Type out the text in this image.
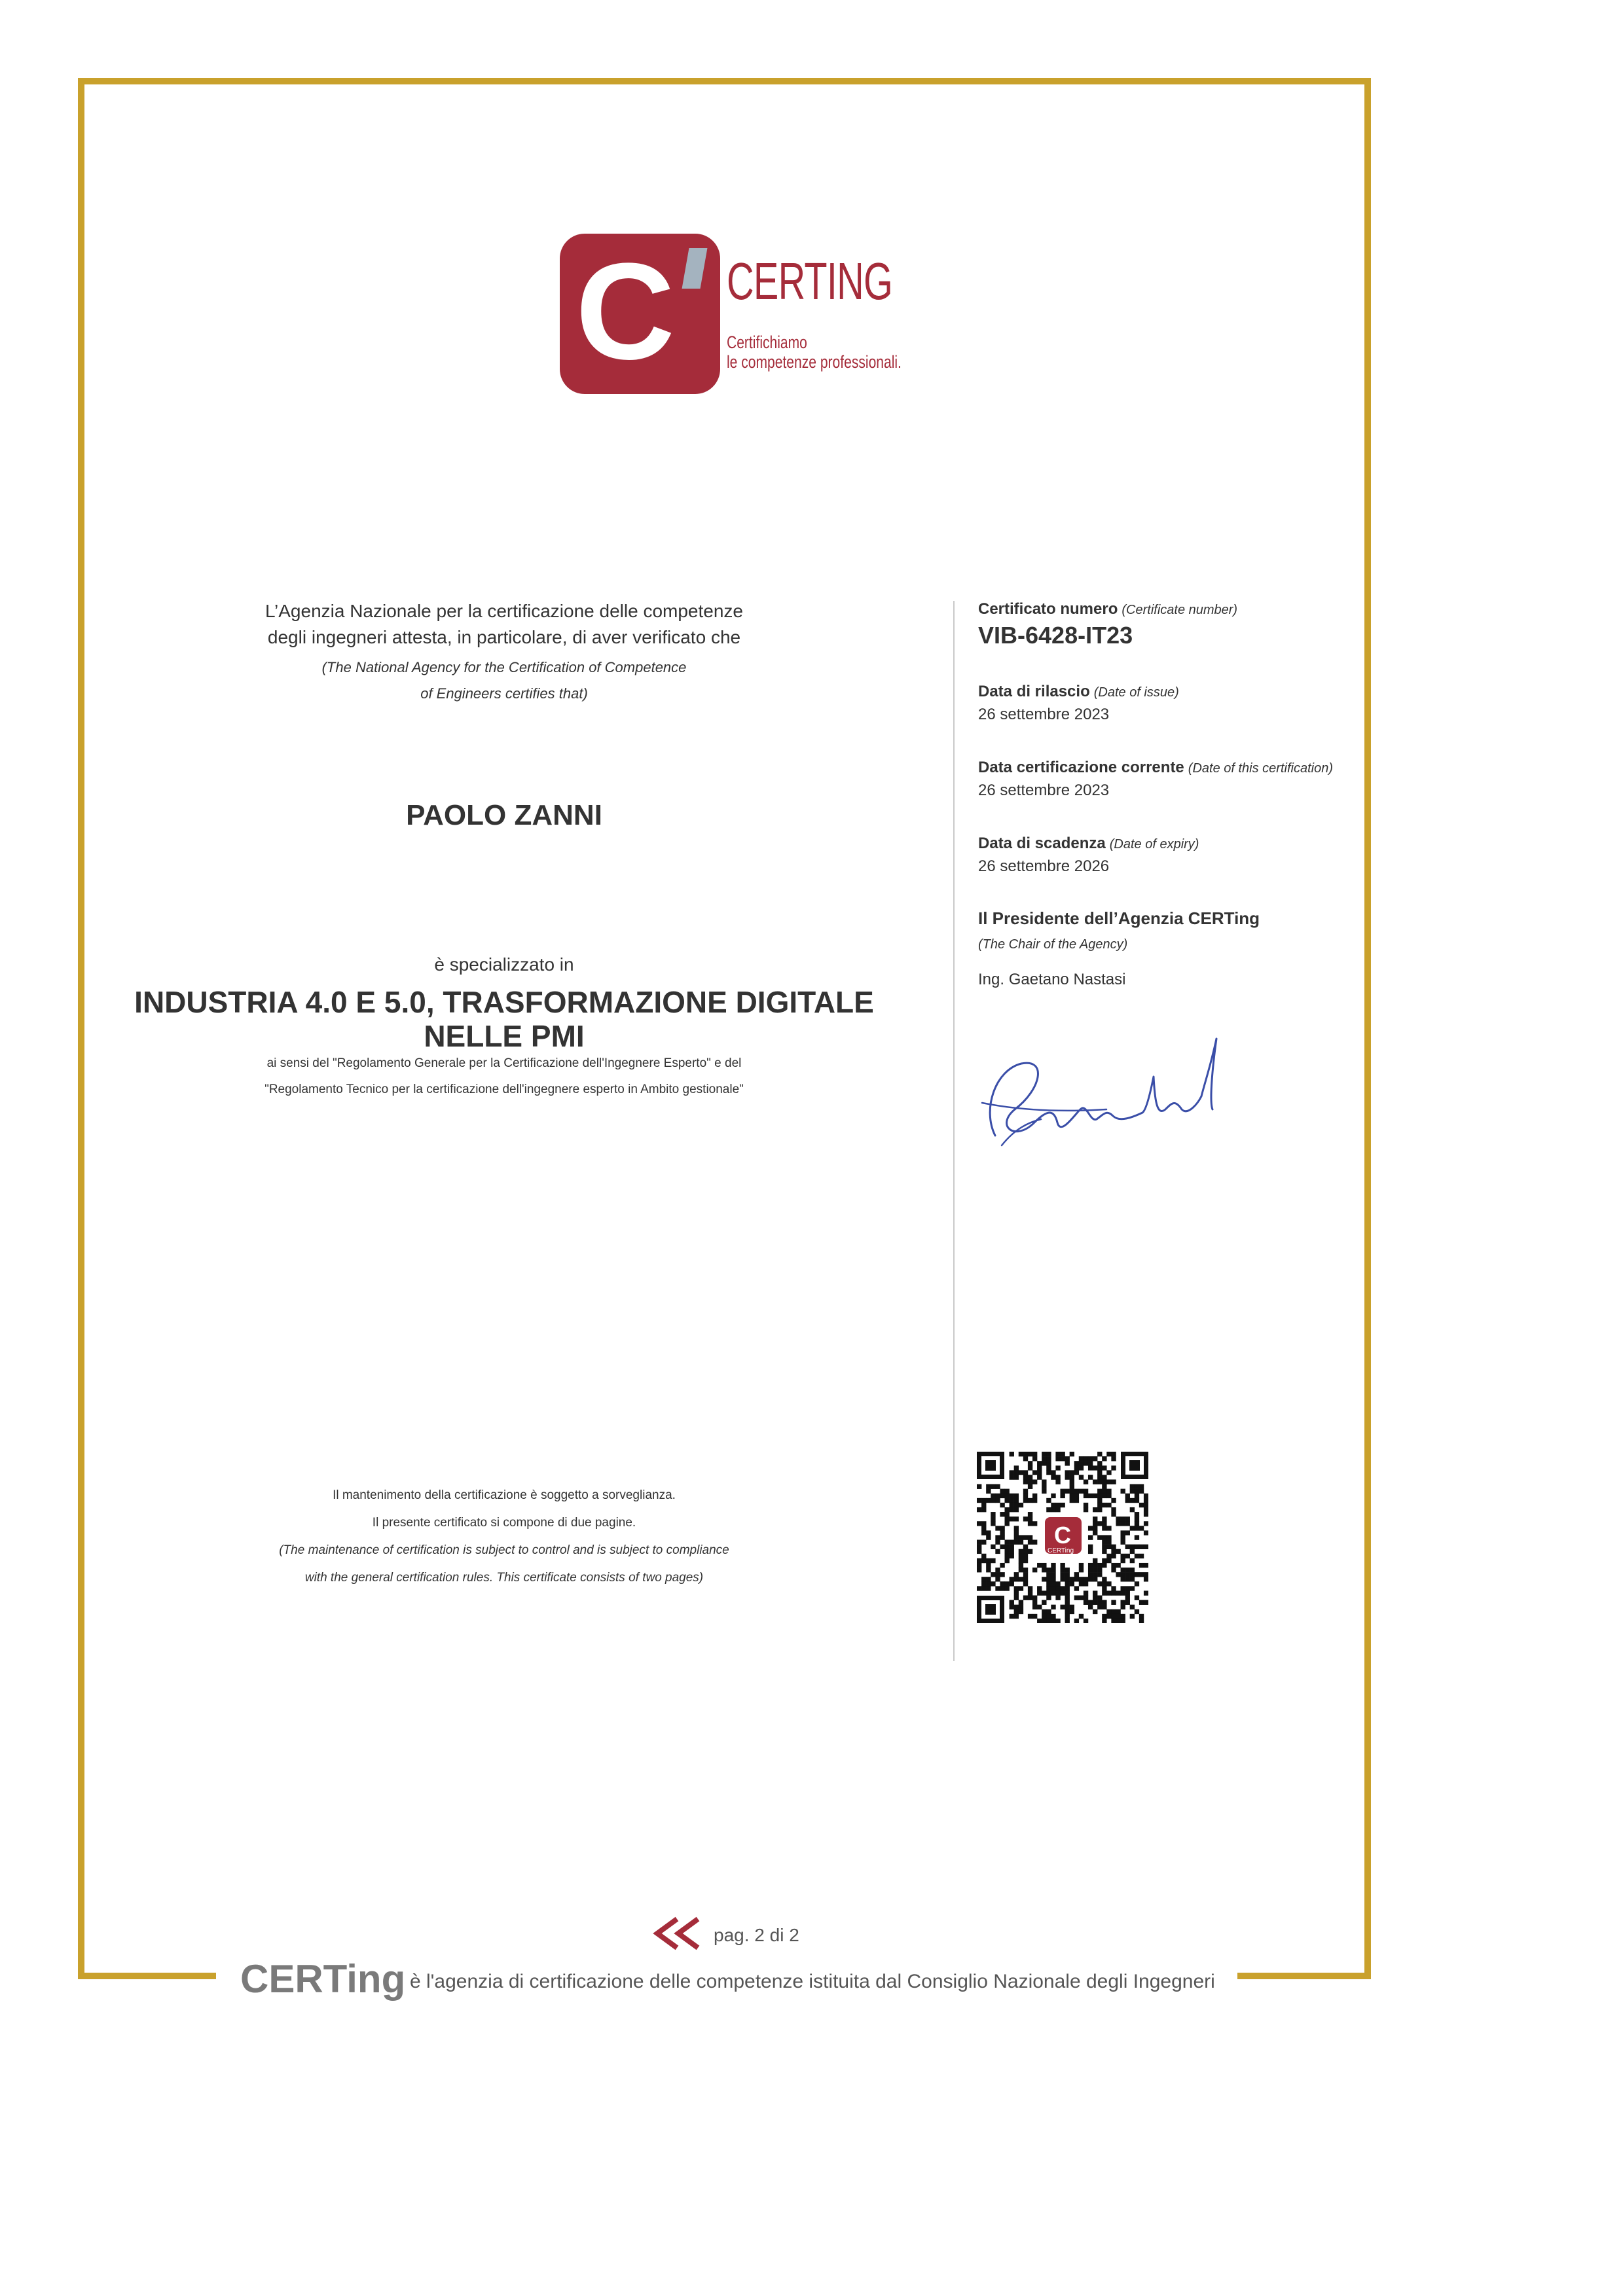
C CERTING
Certifichiamo
le competenze professionali.
L’Agenzia Nazionale per la certificazione delle competenze
degli ingegneri attesta, in particolare, di aver verificato che
(The National Agency for the Certification of Competence
of Engineers certifies that)
PAOLO ZANNI
è specializzato in
INDUSTRIA 4.0 E 5.0, TRASFORMAZIONE DIGITALE
NELLE PMI
ai sensi del "Regolamento Generale per la Certificazione dell'Ingegnere Esperto" e del
"Regolamento Tecnico per la certificazione dell'ingegnere esperto in Ambito gestionale"
Il mantenimento della certificazione è soggetto a sorveglianza.
Il presente certificato si compone di due pagine.
(The maintenance of certification is subject to control and is subject to compliance
with the general certification rules. This certificate consists of two pages)
Certificato numero (Certificate number)
VIB-6428-IT23
Data di rilascio (Date of issue)
26 settembre 2023
Data certificazione corrente (Date of this certification)
26 settembre 2023
Data di scadenza (Date of expiry)
26 settembre 2026
Il Presidente dell’Agenzia CERTing
(The Chair of the Agency)
Ing. Gaetano Nastasi
C
CERTing
pag. 2 di 2
CERTing è l'agenzia di certificazione delle competenze istituita dal Consiglio Nazionale degli Ingegneri
